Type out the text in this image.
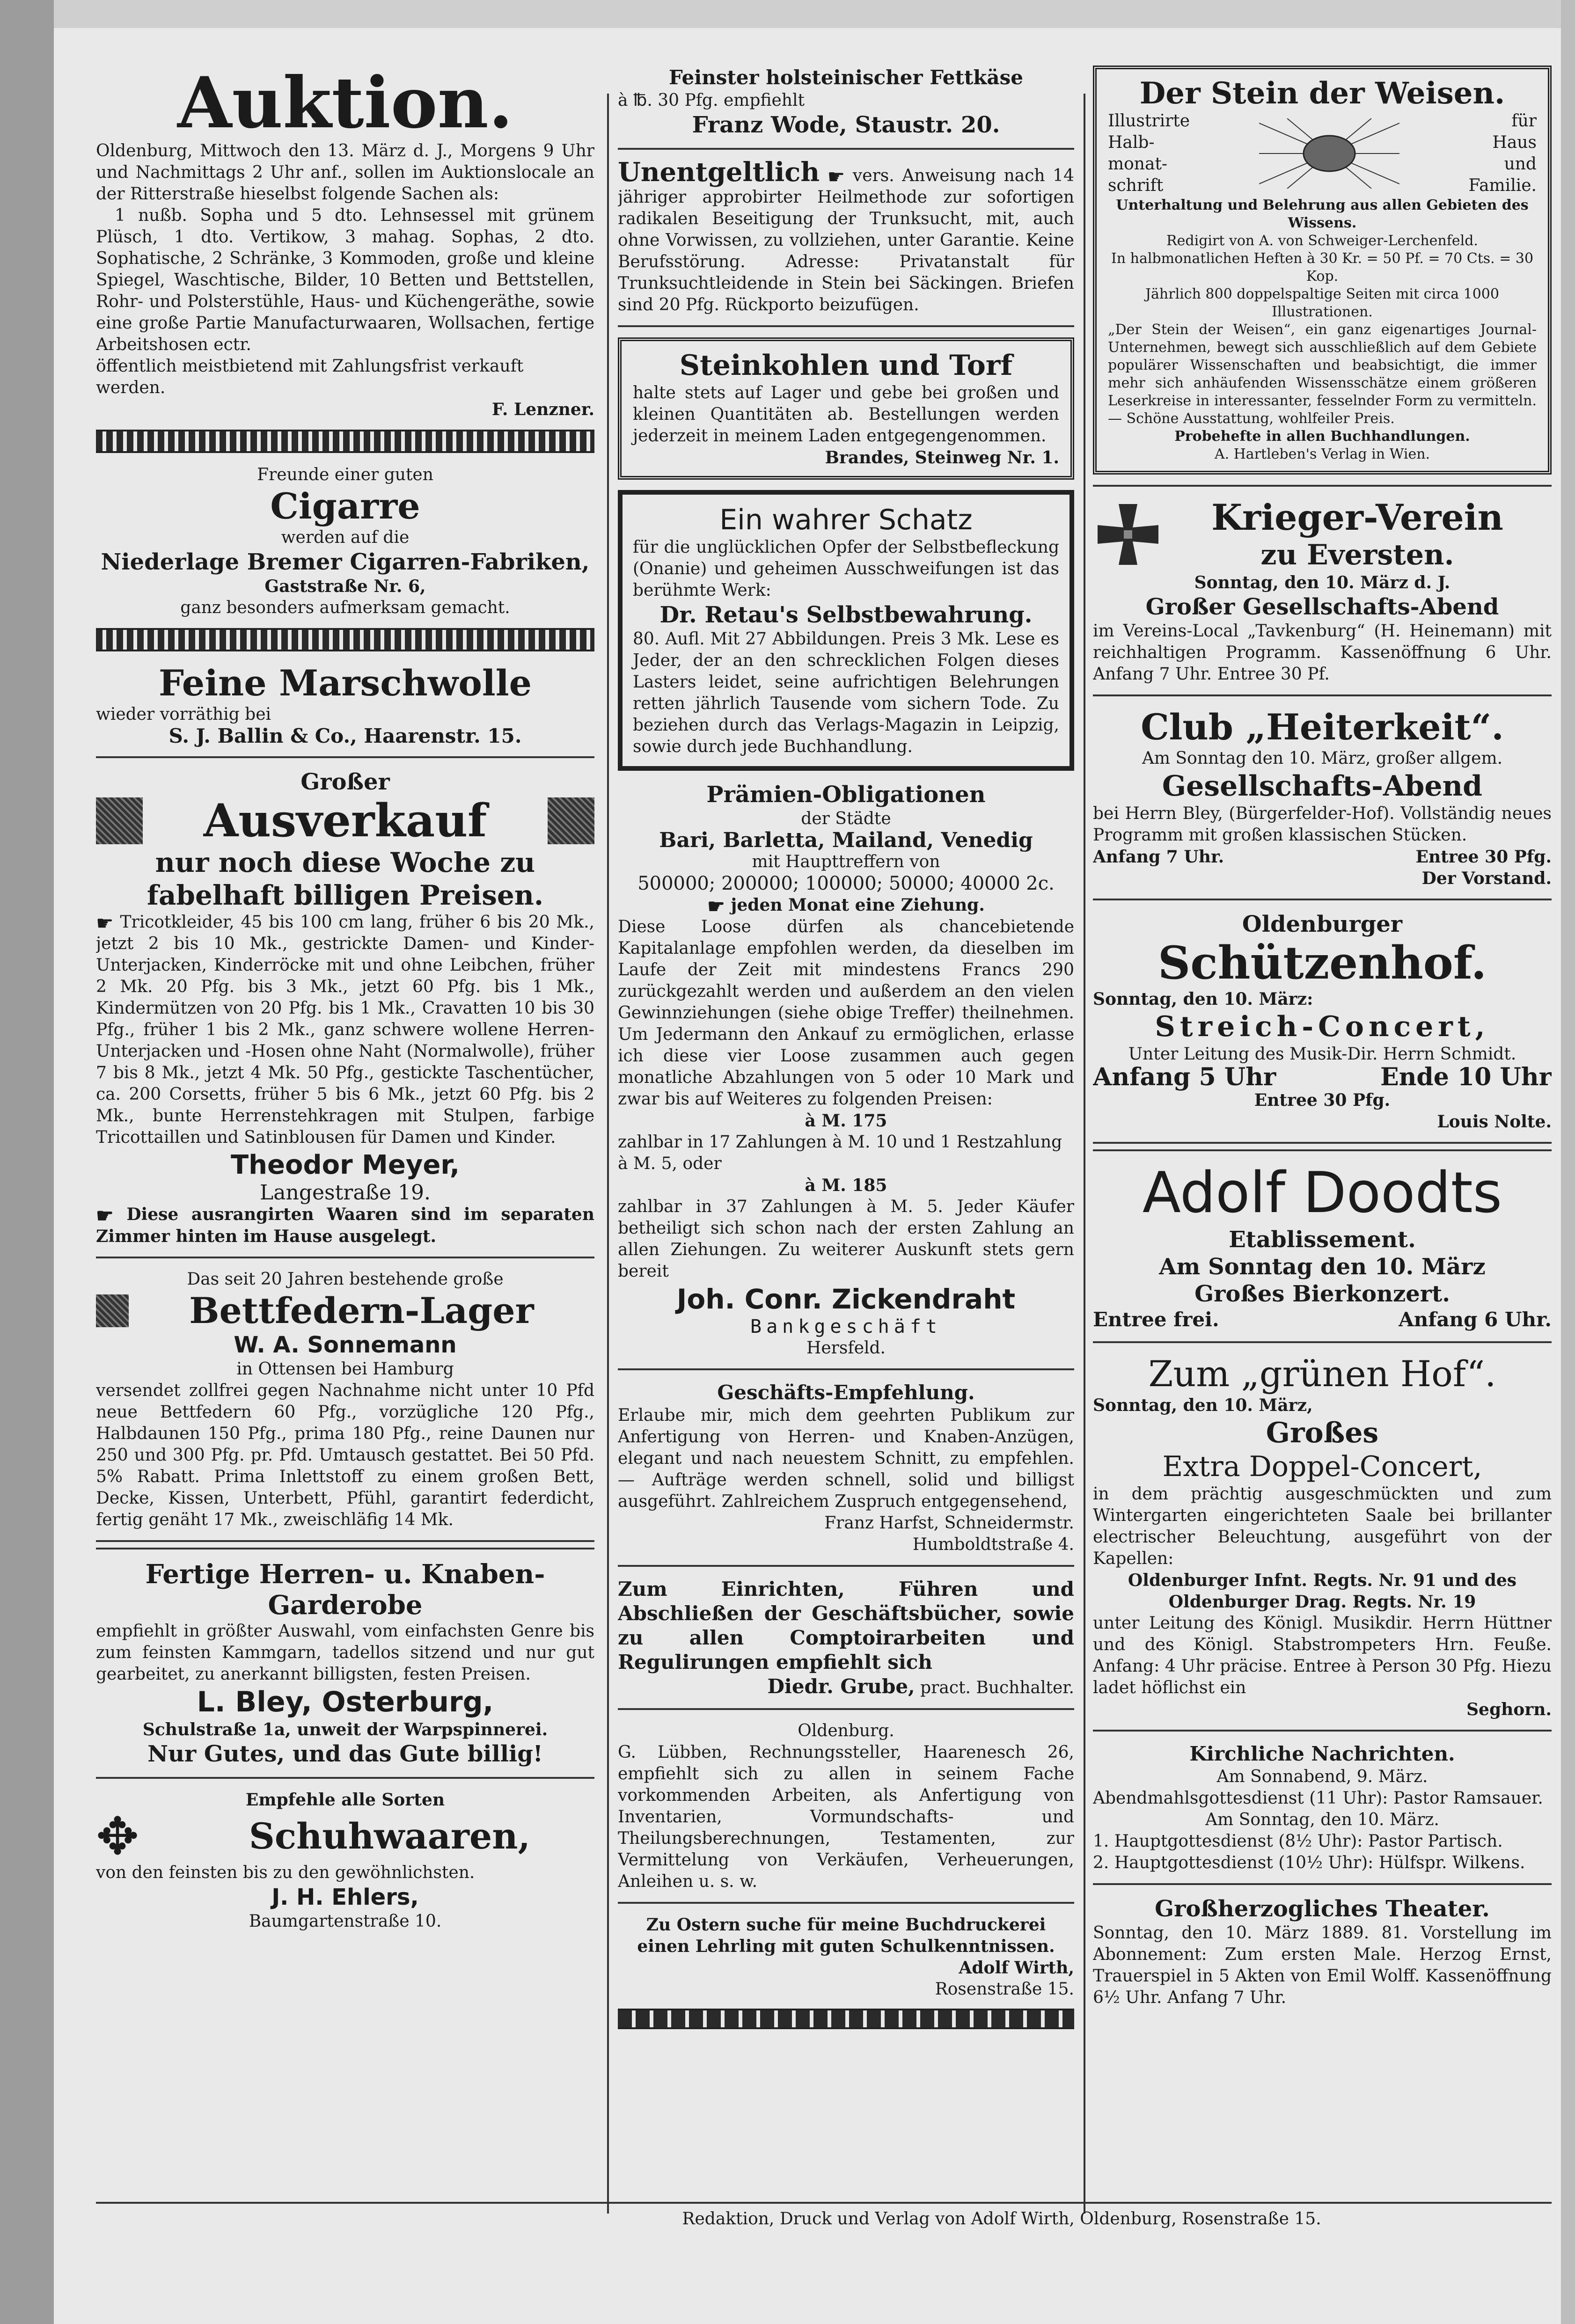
Auktion.
Oldenburg, Mittwoch den 13. März d. J., Morgens 9 Uhr und Nachmittags 2 Uhr anf., sollen im Auktionslocale an der Ritterstraße hieselbst folgende Sachen als:
1 nußb. Sopha und 5 dto. Lehnsessel mit grünem Plüsch, 1 dto. Vertikow, 3 mahag. Sophas, 2 dto. Sophatische, 2 Schränke, 3 Kommoden, große und kleine Spiegel, Waschtische, Bilder, 10 Betten und Bettstellen, Rohr- und Polsterstühle, Haus- und Küchengeräthe, sowie eine große Partie Manufacturwaaren, Wollsachen, fertige Arbeitshosen ectr.
öffentlich meistbietend mit Zahlungsfrist verkauft werden.
F. Lenzner.
Freunde einer guten
Cigarre
werden auf die
Niederlage Bremer Cigarren-Fabriken,
Gaststraße Nr. 6,
ganz besonders aufmerksam gemacht.
Feine Marschwolle
wieder vorräthig bei
S. J. Ballin & Co., Haarenstr. 15.
Großer
Ausverkauf
nur noch diese Woche zu fabelhaft billigen Preisen.
☛ Tricotkleider, 45 bis 100 cm lang, früher 6 bis 20 Mk., jetzt 2 bis 10 Mk., gestrickte Damen- und Kinder-Unterjacken, Kinderröcke mit und ohne Leibchen, früher 2 Mk. 20 Pfg. bis 3 Mk., jetzt 60 Pfg. bis 1 Mk., Kindermützen von 20 Pfg. bis 1 Mk., Cravatten 10 bis 30 Pfg., früher 1 bis 2 Mk., ganz schwere wollene Herren-Unterjacken und -Hosen ohne Naht (Normalwolle), früher 7 bis 8 Mk., jetzt 4 Mk. 50 Pfg., gestickte Taschentücher, ca. 200 Corsetts, früher 5 bis 6 Mk., jetzt 60 Pfg. bis 2 Mk., bunte Herrenstehkragen mit Stulpen, farbige Tricottaillen und Satinblousen für Damen und Kinder.
Theodor Meyer,
Langestraße 19.
☛ Diese ausrangirten Waaren sind im separaten Zimmer hinten im Hause ausgelegt.
Das seit 20 Jahren bestehende große
Bettfedern-Lager
W. A. Sonnemann
in Ottensen bei Hamburg
versendet zollfrei gegen Nachnahme nicht unter 10 Pfd neue Bettfedern 60 Pfg., vorzügliche 120 Pfg., Halbdaunen 150 Pfg., prima 180 Pfg., reine Daunen nur 250 und 300 Pfg. pr. Pfd. Umtausch gestattet. Bei 50 Pfd. 5% Rabatt. Prima Inlettstoff zu einem großen Bett, Decke, Kissen, Unterbett, Pfühl, garantirt federdicht, fertig genäht 17 Mk., zweischläfig 14 Mk.
Fertige Herren- u. Knaben-Garderobe
empfiehlt in größter Auswahl, vom einfachsten Genre bis zum feinsten Kammgarn, tadellos sitzend und nur gut gearbeitet, zu anerkannt billigsten, festen Preisen.
L. Bley, Osterburg,
Schulstraße 1a, unweit der Warpspinnerei.
Nur Gutes, und das Gute billig!
Empfehle alle Sorten
✥	Schuhwaaren,
von den feinsten bis zu den gewöhnlichsten.
J. H. Ehlers,
Baumgartenstraße 10.
Feinster holsteinischer Fettkäse
à ℔. 30 Pfg. empfiehlt
Franz Wode, Staustr. 20.
Unentgeltlich ☛ vers. Anweisung nach 14 jähriger approbirter Heilmethode zur sofortigen radikalen Beseitigung der Trunksucht, mit, auch ohne Vorwissen, zu vollziehen, unter Garantie. Keine Berufsstörung. Adresse: Privatanstalt für Trunksuchtleidende in Stein bei Säckingen. Briefen sind 20 Pfg. Rückporto beizufügen.
Steinkohlen und Torf
halte stets auf Lager und gebe bei großen und kleinen Quantitäten ab. Bestellungen werden jederzeit in meinem Laden entgegengenommen.
Brandes, Steinweg Nr. 1.
Ein wahrer Schatz
für die unglücklichen Opfer der Selbstbefleckung (Onanie) und geheimen Ausschweifungen ist das berühmte Werk:
Dr. Retau's Selbstbewahrung.
80. Aufl. Mit 27 Abbildungen. Preis 3 Mk. Lese es Jeder, der an den schrecklichen Folgen dieses Lasters leidet, seine aufrichtigen Belehrungen retten jährlich Tausende vom sichern Tode. Zu beziehen durch das Verlags-Magazin in Leipzig, sowie durch jede Buchhandlung.
Prämien-Obligationen
der Städte
Bari, Barletta, Mailand, Venedig
mit Haupttreffern von
500000; 200000; 100000; 50000; 40000 2c.
☛ jeden Monat eine Ziehung.
Diese Loose dürfen als chancebietende Kapitalanlage empfohlen werden, da dieselben im Laufe der Zeit mit mindestens Francs 290 zurückgezahlt werden und außerdem an den vielen Gewinnziehungen (siehe obige Treffer) theilnehmen. Um Jedermann den Ankauf zu ermöglichen, erlasse ich diese vier Loose zusammen auch gegen monatliche Abzahlungen von 5 oder 10 Mark und zwar bis auf Weiteres zu folgenden Preisen:
à M. 175
zahlbar in 17 Zahlungen à M. 10 und 1 Restzahlung à M. 5, oder
à M. 185
zahlbar in 37 Zahlungen à M. 5. Jeder Käufer betheiligt sich schon nach der ersten Zahlung an allen Ziehungen. Zu weiterer Auskunft stets gern bereit
Joh. Conr. Zickendraht
Bankgeschäft
Hersfeld.
Geschäfts-Empfehlung.
Erlaube mir, mich dem geehrten Publikum zur Anfertigung von Herren- und Knaben-Anzügen, elegant und nach neuestem Schnitt, zu empfehlen. — Aufträge werden schnell, solid und billigst ausgeführt. Zahlreichem Zuspruch entgegensehend,
Franz Harfst, Schneidermstr.
Humboldtstraße 4.
Zum Einrichten, Führen und Abschließen der Geschäftsbücher, sowie zu allen Comptoirarbeiten und Regulirungen empfiehlt sich
Diedr. Grube, pract. Buchhalter.
Oldenburg.
G. Lübben, Rechnungssteller, Haarenesch 26, empfiehlt sich zu allen in seinem Fache vorkommenden Arbeiten, als Anfertigung von Inventarien, Vormundschafts- und Theilungsberechnungen, Testamenten, zur Vermittelung von Verkäufen, Verheuerungen, Anleihen u. s. w.
Zu Ostern suche für meine Buchdruckerei einen Lehrling mit guten Schulkenntnissen.
Adolf Wirth,
Rosenstraße 15.
Der Stein der Weisen.
Illustrirte
Halb-
monat-
schrift
für
Haus
und
Familie.
Unterhaltung und Belehrung aus allen Gebieten des Wissens.
Redigirt von A. von Schweiger-Lerchenfeld.
In halbmonatlichen Heften à 30 Kr. = 50 Pf. = 70 Cts. = 30 Kop.
Jährlich 800 doppelspaltige Seiten mit circa 1000 Illustrationen.
„Der Stein der Weisen“, ein ganz eigenartiges Journal-Unternehmen, bewegt sich ausschließlich auf dem Gebiete populärer Wissenschaften und beabsichtigt, die immer mehr sich anhäufenden Wissensschätze einem größeren Leserkreise in interessanter, fesselnder Form zu vermitteln. — Schöne Ausstattung, wohlfeiler Preis.
Probehefte in allen Buchhandlungen.
A. Hartleben's Verlag in Wien.
Krieger-Verein
zu Eversten.
Sonntag, den 10. März d. J.
Großer Gesellschafts-Abend
im Vereins-Local „Tavkenburg“ (H. Heinemann) mit reichhaltigen Programm. Kassenöffnung 6 Uhr. Anfang 7 Uhr. Entree 30 Pf.
Club „Heiterkeit“.
Am Sonntag den 10. März, großer allgem.
Gesellschafts-Abend
bei Herrn Bley, (Bürgerfelder-Hof). Vollständig neues Programm mit großen klassischen Stücken.
Anfang 7 Uhr.	Entree 30 Pfg.
Der Vorstand.
Oldenburger
Schützenhof.
Sonntag, den 10. März:
Streich-Concert,
Unter Leitung des Musik-Dir. Herrn Schmidt.
Anfang 5 Uhr	Ende 10 Uhr
Entree 30 Pfg.
Louis Nolte.
Adolf Doodts
Etablissement.
Am Sonntag den 10. März
Großes Bierkonzert.
Entree frei.	Anfang 6 Uhr.
Zum „grünen Hof“.
Sonntag, den 10. März,
Großes
Extra Doppel-Concert,
in dem prächtig ausgeschmückten und zum Wintergarten eingerichteten Saale bei brillanter electrischer Beleuchtung, ausgeführt von der Kapellen:
Oldenburger Infnt. Regts. Nr. 91 und des
Oldenburger Drag. Regts. Nr. 19
unter Leitung des Königl. Musikdir. Herrn Hüttner und des Königl. Stabstrompeters Hrn. Feuße. Anfang: 4 Uhr präcise. Entree à Person 30 Pfg. Hiezu ladet höflichst ein
Seghorn.
Kirchliche Nachrichten.
Am Sonnabend, 9. März.
Abendmahlsgottesdienst (11 Uhr): Pastor Ramsauer.
Am Sonntag, den 10. März.
1. Hauptgottesdienst (8½ Uhr): Pastor Partisch.
2. Hauptgottesdienst (10½ Uhr): Hülfspr. Wilkens.
Großherzogliches Theater.
Sonntag, den 10. März 1889. 81. Vorstellung im Abonnement: Zum ersten Male. Herzog Ernst, Trauerspiel in 5 Akten von Emil Wolff. Kassenöffnung 6½ Uhr. Anfang 7 Uhr.
Redaktion, Druck und Verlag von Adolf Wirth, Oldenburg, Rosenstraße 15.
